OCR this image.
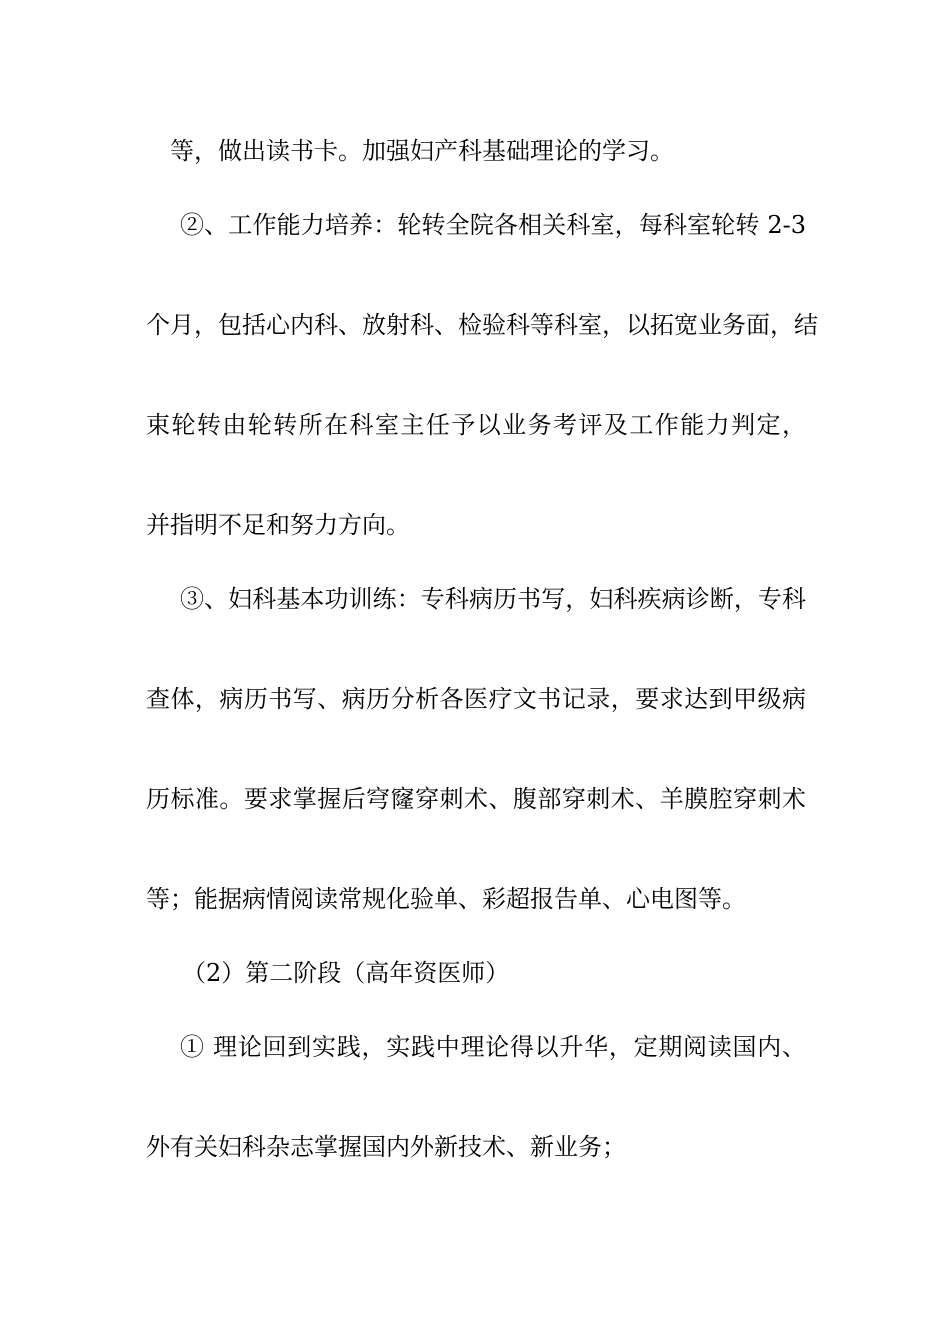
等，做出读书卡。加强妇产科基础理论的学习。
②、工作能力培养：轮转全院各相关科室，每科室轮转 2-3
个月，包括心内科、放射科、检验科等科室，以拓宽业务面，结
束轮转由轮转所在科室主任予以业务考评及工作能力判定，
并指明不足和努力方向。
③、妇科基本功训练：专科病历书写，妇科疾病诊断，专科
查体，病历书写、病历分析各医疗文书记录，要求达到甲级病
历标准。要求掌握后穹窿穿刺术、腹部穿刺术、羊膜腔穿刺术
等；能据病情阅读常规化验单、彩超报告单、心电图等。
（2）第二阶段（高年资医师）
① 理论回到实践，实践中理论得以升华，定期阅读国内、
外有关妇科杂志掌握国内外新技术、新业务；
